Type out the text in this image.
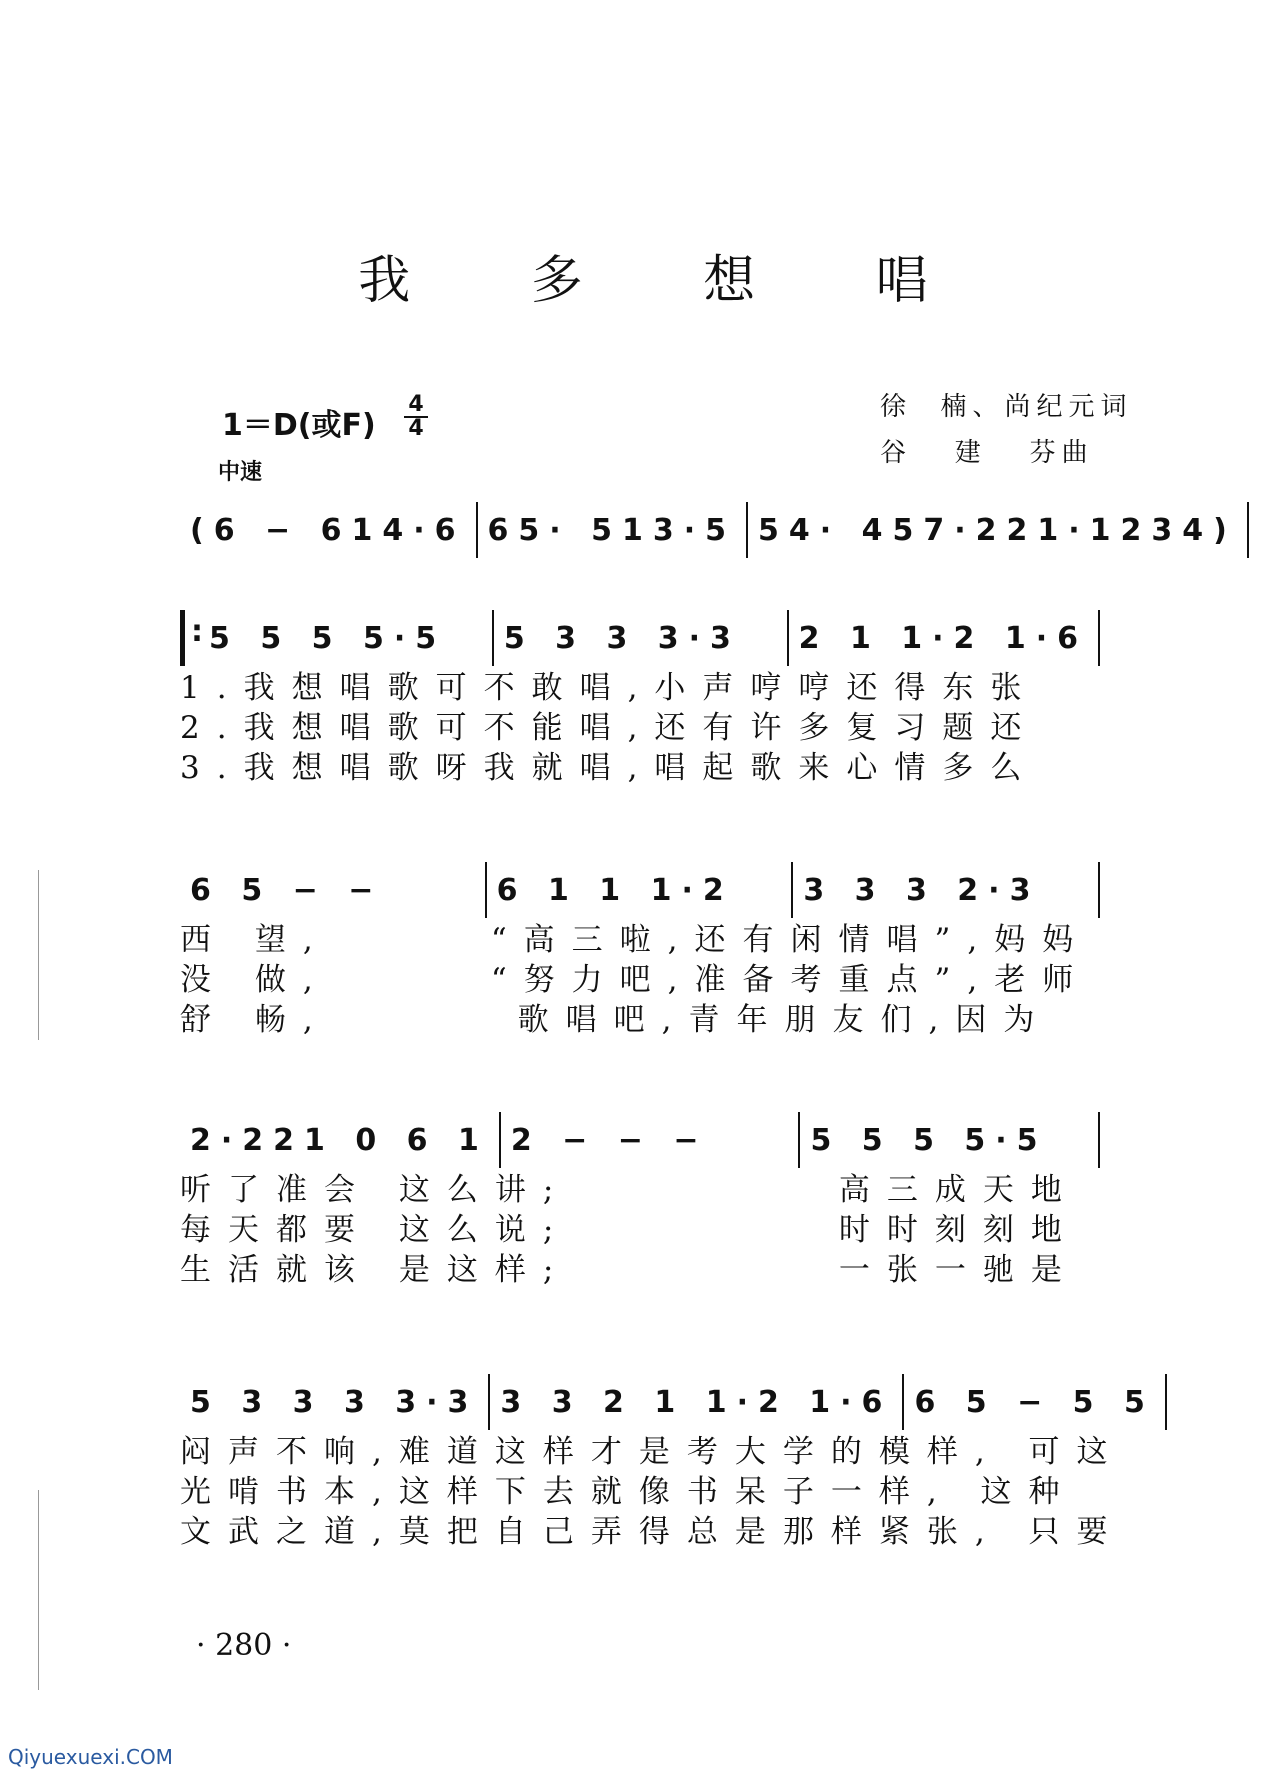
我 多 想 唱
1＝D(或F)
4
4
中速
徐  楠、尚纪元词
谷   建   芬曲
(6 − 614·6 65· 513·5 54· 457·221·1234)
:
5 5 5 5·5	5 3 3 3·3	2 1 1·2 1·6
1.我想唱歌可不敢唱,小声哼哼还得东张
2.我想唱歌可不能唱,还有许多复习题还
3.我想唱歌呀我就唱,唱起歌来心情多么
6 5 − −	6 1 1 1·2	3 3 3 2·3
西 望,      “高三啦,还有闲情唱”,妈妈
没 做,      “努力吧,准备考重点”,老师
舒 畅,       歌唱吧,青年朋友们,因为
2·221 0 6 1 2 − − −	5 5 5 5·5
听了准会 这么讲;          高三成天地
每天都要 这么说;          时时刻刻地
生活就该 是这样;          一张一驰是
5 3 3 3 3·3 3 3 2 1 1·2 1·6 6 5 − 5 5
闷声不响,难道这样才是考大学的模样, 可这
光啃书本,这样下去就像书呆子一样, 这种
文武之道,莫把自己弄得总是那样紧张, 只要
· 280 ·
Qiyuexuexi.COM
